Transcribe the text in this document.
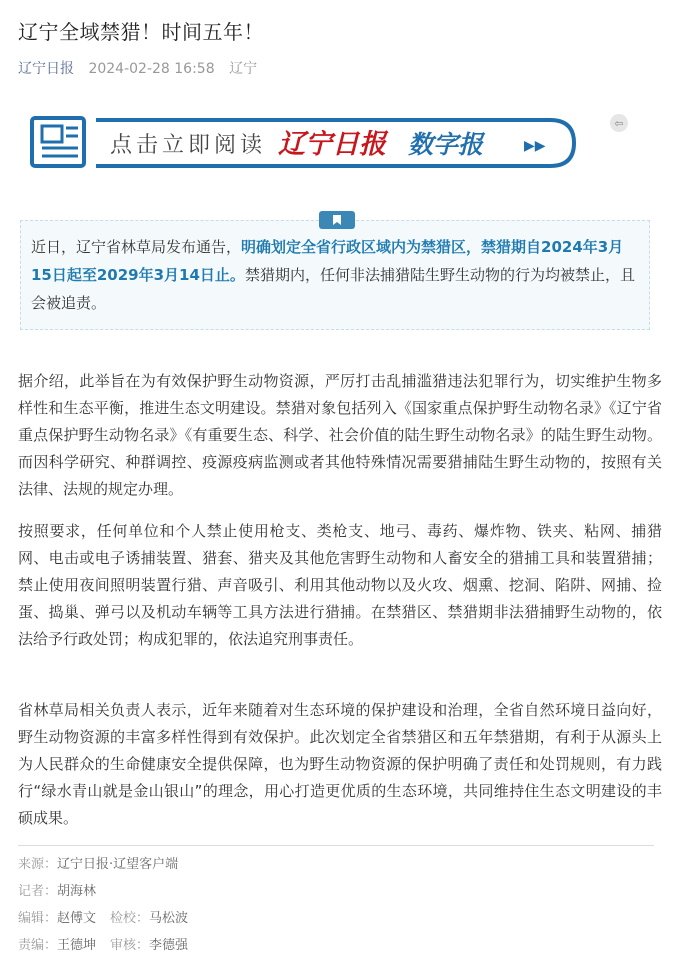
辽宁全域禁猎！时间五年！
辽宁日报 2024-02-28 16:58 辽宁
点击立即阅读 辽宁日报 数字报	▶▶
⇦

近日，辽宁省林草局发布通告，明确划定全省行政区域内为禁猎区，禁猎期自2024年3月15日起至2029年3月14日止。禁猎期内，任何非法捕猎陆生野生动物的行为均被禁止，且会被追责。

据介绍，此举旨在为有效保护野生动物资源，严厉打击乱捕滥猎违法犯罪行为，切实维护生物多样性和生态平衡，推进生态文明建设。禁猎对象包括列入《国家重点保护野生动物名录》《辽宁省重点保护野生动物名录》《有重要生态、科学、社会价值的陆生野生动物名录》的陆生野生动物。而因科学研究、种群调控、疫源疫病监测或者其他特殊情况需要猎捕陆生野生动物的，按照有关法律、法规的规定办理。

按照要求，任何单位和个人禁止使用枪支、类枪支、地弓、毒药、爆炸物、铁夹、粘网、捕猎网、电击或电子诱捕装置、猎套、猎夹及其他危害野生动物和人畜安全的猎捕工具和装置猎捕；禁止使用夜间照明装置行猎、声音吸引、利用其他动物以及火攻、烟熏、挖洞、陷阱、网捕、捡蛋、捣巢、弹弓以及机动车辆等工具方法进行猎捕。在禁猎区、禁猎期非法猎捕野生动物的，依法给予行政处罚；构成犯罪的，依法追究刑事责任。

省林草局相关负责人表示，近年来随着对生态环境的保护建设和治理，全省自然环境日益向好，野生动物资源的丰富多样性得到有效保护。此次划定全省禁猎区和五年禁猎期，有利于从源头上为人民群众的生命健康安全提供保障，也为野生动物资源的保护明确了责任和处罚规则，有力践行“绿水青山就是金山银山”的理念，用心打造更优质的生态环境，共同维持住生态文明建设的丰硕成果。

来源：辽宁日报·辽望客户端
记者：胡海林
编辑：赵傅文 检校：马松波
责编：王德坤 审核：李德强
